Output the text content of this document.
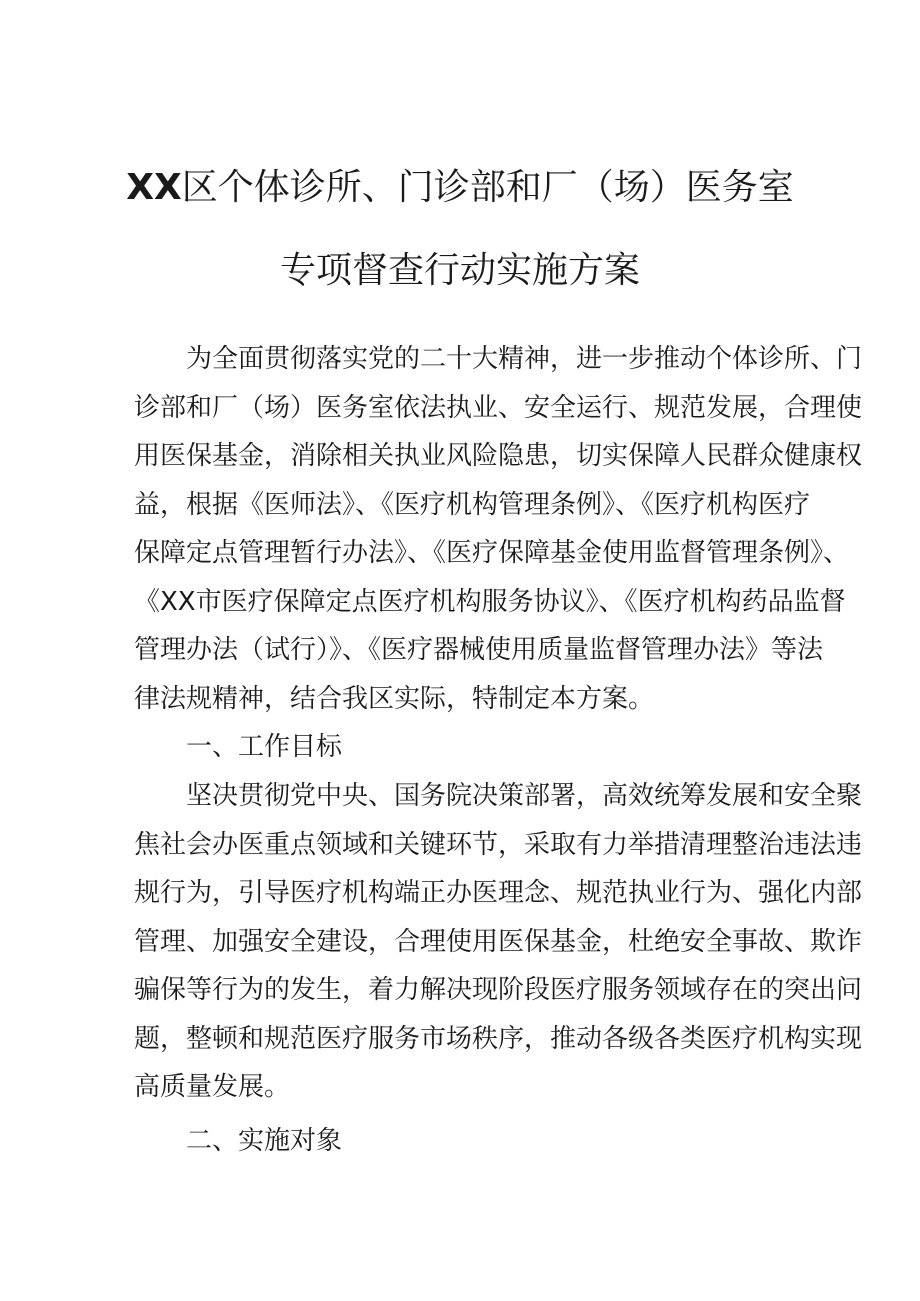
XX区个体诊所、门诊部和厂（场）医务室
专项督查行动实施方案
为全面贯彻落实党的二十大精神，进一步推动个体诊所、门
诊部和厂（场）医务室依法执业、安全运行、规范发展，合理使
用医保基金，消除相关执业风险隐患，切实保障人民群众健康权
益，根据《医师法》、《医疗机构管理条例》、《医疗机构医疗
保障定点管理暂行办法》、《医疗保障基金使用监督管理条例》、
《XX市医疗保障定点医疗机构服务协议》、《医疗机构药品监督
管理办法（试行）》、《医疗器械使用质量监督管理办法》等法
律法规精神，结合我区实际，特制定本方案。
一、工作目标
坚决贯彻党中央、国务院决策部署，高效统筹发展和安全聚
焦社会办医重点领域和关键环节，采取有力举措清理整治违法违
规行为，引导医疗机构端正办医理念、规范执业行为、强化内部
管理、加强安全建设，合理使用医保基金，杜绝安全事故、欺诈
骗保等行为的发生，着力解决现阶段医疗服务领域存在的突出问
题，整顿和规范医疗服务市场秩序，推动各级各类医疗机构实现
高质量发展。
二、实施对象
